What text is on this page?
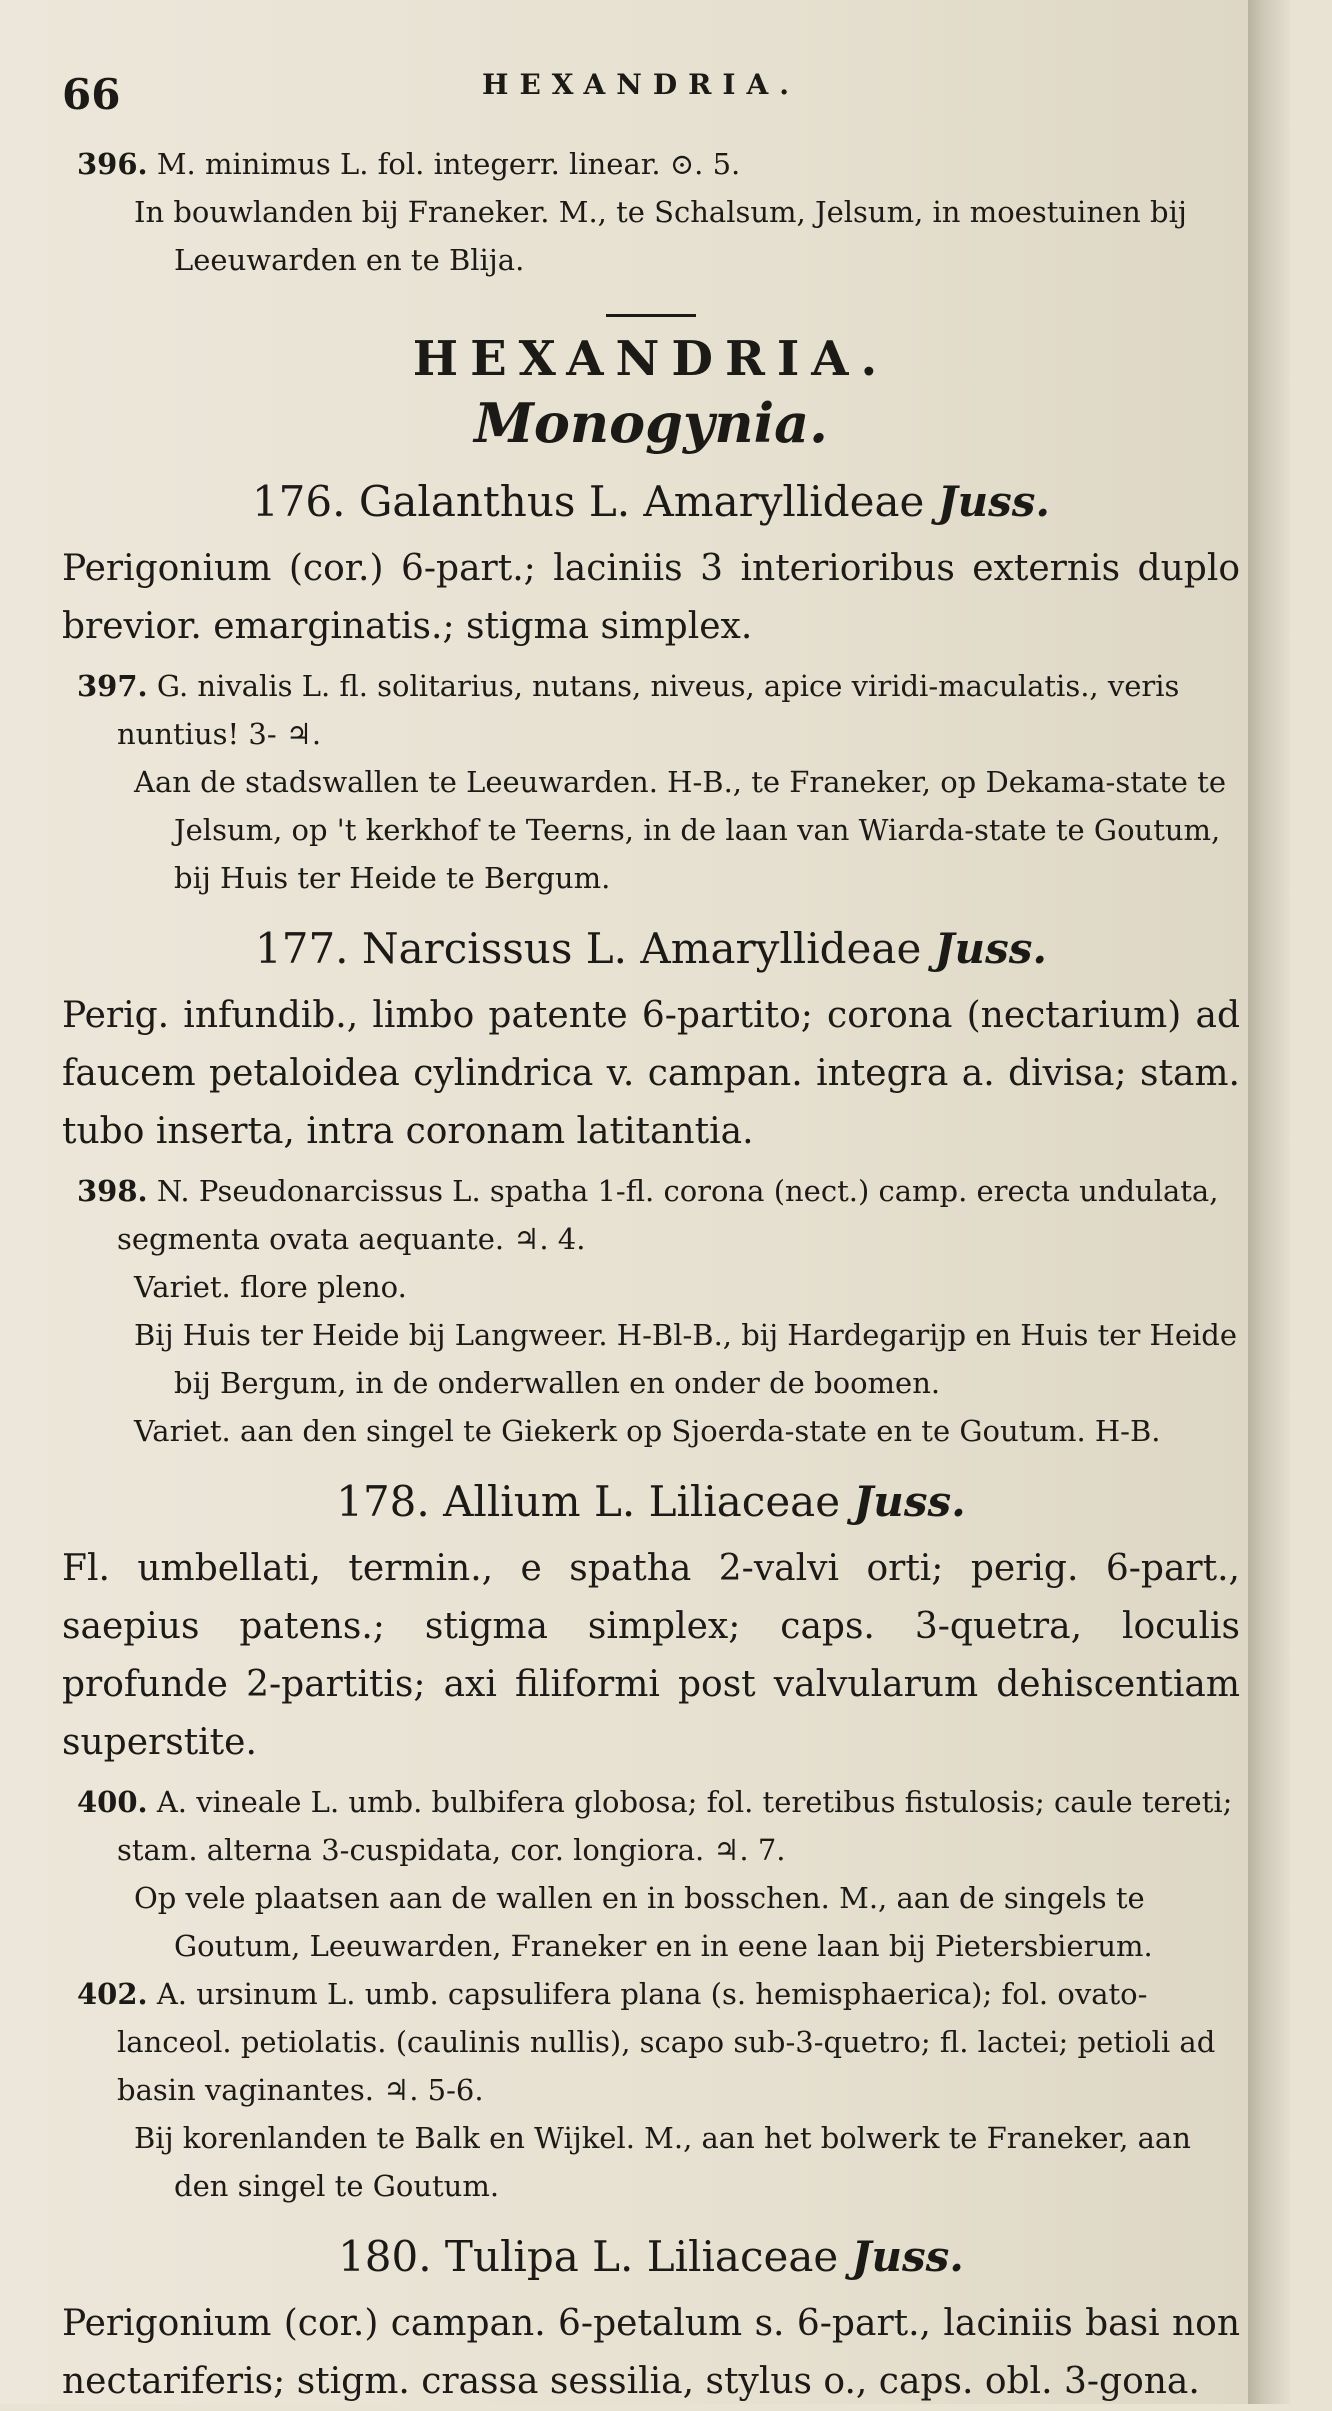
66	HEXANDRIA.

396. M. minimus L. fol. integerr. linear. ⊙. 5.

In bouwlanden bij Franeker. M., te Schalsum, Jelsum, in moestuinen bij Leeuwarden en te Blija.

HEXANDRIA.
Monogynia.
176. Galanthus L. Amaryllideae Juss.

Perigonium (cor.) 6-part.; laciniis 3 interioribus externis duplo brevior. emarginatis.; stigma simplex.

397. G. nivalis L. fl. solitarius, nutans, niveus, apice viridi-maculatis., veris nuntius! 3- ♃.

Aan de stadswallen te Leeuwarden. H-B., te Franeker, op Dekama-state te Jelsum, op 't kerkhof te Teerns, in de laan van Wiarda-state te Goutum, bij Huis ter Heide te Bergum.

177. Narcissus L. Amaryllideae Juss.

Perig. infundib., limbo patente 6-partito; corona (nectarium) ad faucem petaloidea cylindrica v. campan. integra a. divisa; stam. tubo inserta, intra coronam latitantia.

398. N. Pseudonarcissus L. spatha 1-fl. corona (nect.) camp. erecta undulata, segmenta ovata aequante. ♃. 4.

Variet. flore pleno.

Bij Huis ter Heide bij Langweer. H-Bl-B., bij Hardegarijp en Huis ter Heide bij Bergum, in de onderwallen en onder de boomen.

Variet. aan den singel te Giekerk op Sjoerda-state en te Goutum. H-B.

178. Allium L. Liliaceae Juss.

Fl. umbellati, termin., e spatha 2-valvi orti; perig. 6-part., saepius patens.; stigma simplex; caps. 3-quetra, loculis profunde 2-partitis; axi filiformi post valvularum dehiscentiam superstite.

400. A. vineale L. umb. bulbifera globosa; fol. teretibus fistulosis; caule tereti; stam. alterna 3-cuspidata, cor. longiora. ♃. 7.

Op vele plaatsen aan de wallen en in bosschen. M., aan de singels te Goutum, Leeuwarden, Franeker en in eene laan bij Pietersbierum.

402. A. ursinum L. umb. capsulifera plana (s. hemisphaerica); fol. ovato-lanceol. petiolatis. (caulinis nullis), scapo sub-3-quetro; fl. lactei; petioli ad basin vaginantes. ♃. 5-6.

Bij korenlanden te Balk en Wijkel. M., aan het bolwerk te Franeker, aan den singel te Goutum.

180. Tulipa L. Liliaceae Juss.

Perigonium (cor.) campan. 6-petalum s. 6-part., laciniis basi non nectariferis; stigm. crassa sessilia, stylus o., caps. obl. 3-gona.
